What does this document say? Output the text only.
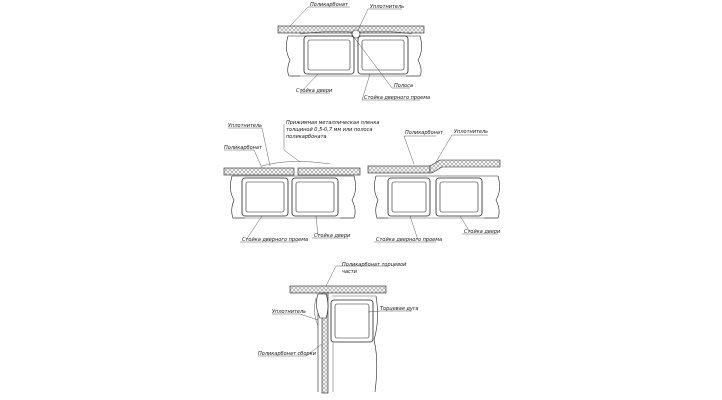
Поликарбонат	Уплотнитель
Полоса
Стойка двери
Стойка дверного проема
Уплотнитель	Прижимная металлическая пленка
толщиной 0,5-0,7 мм или полоса
поликарбоната
Поликарбонат
Стойка дверного проема
Стойка двери
Поликарбонат Уплотнитель
Стойка дверного проема
Стойка двери
Поликарбонат торцевой
части
Уплотнитель	Торцевая дуга
Поликарбонат сборки
